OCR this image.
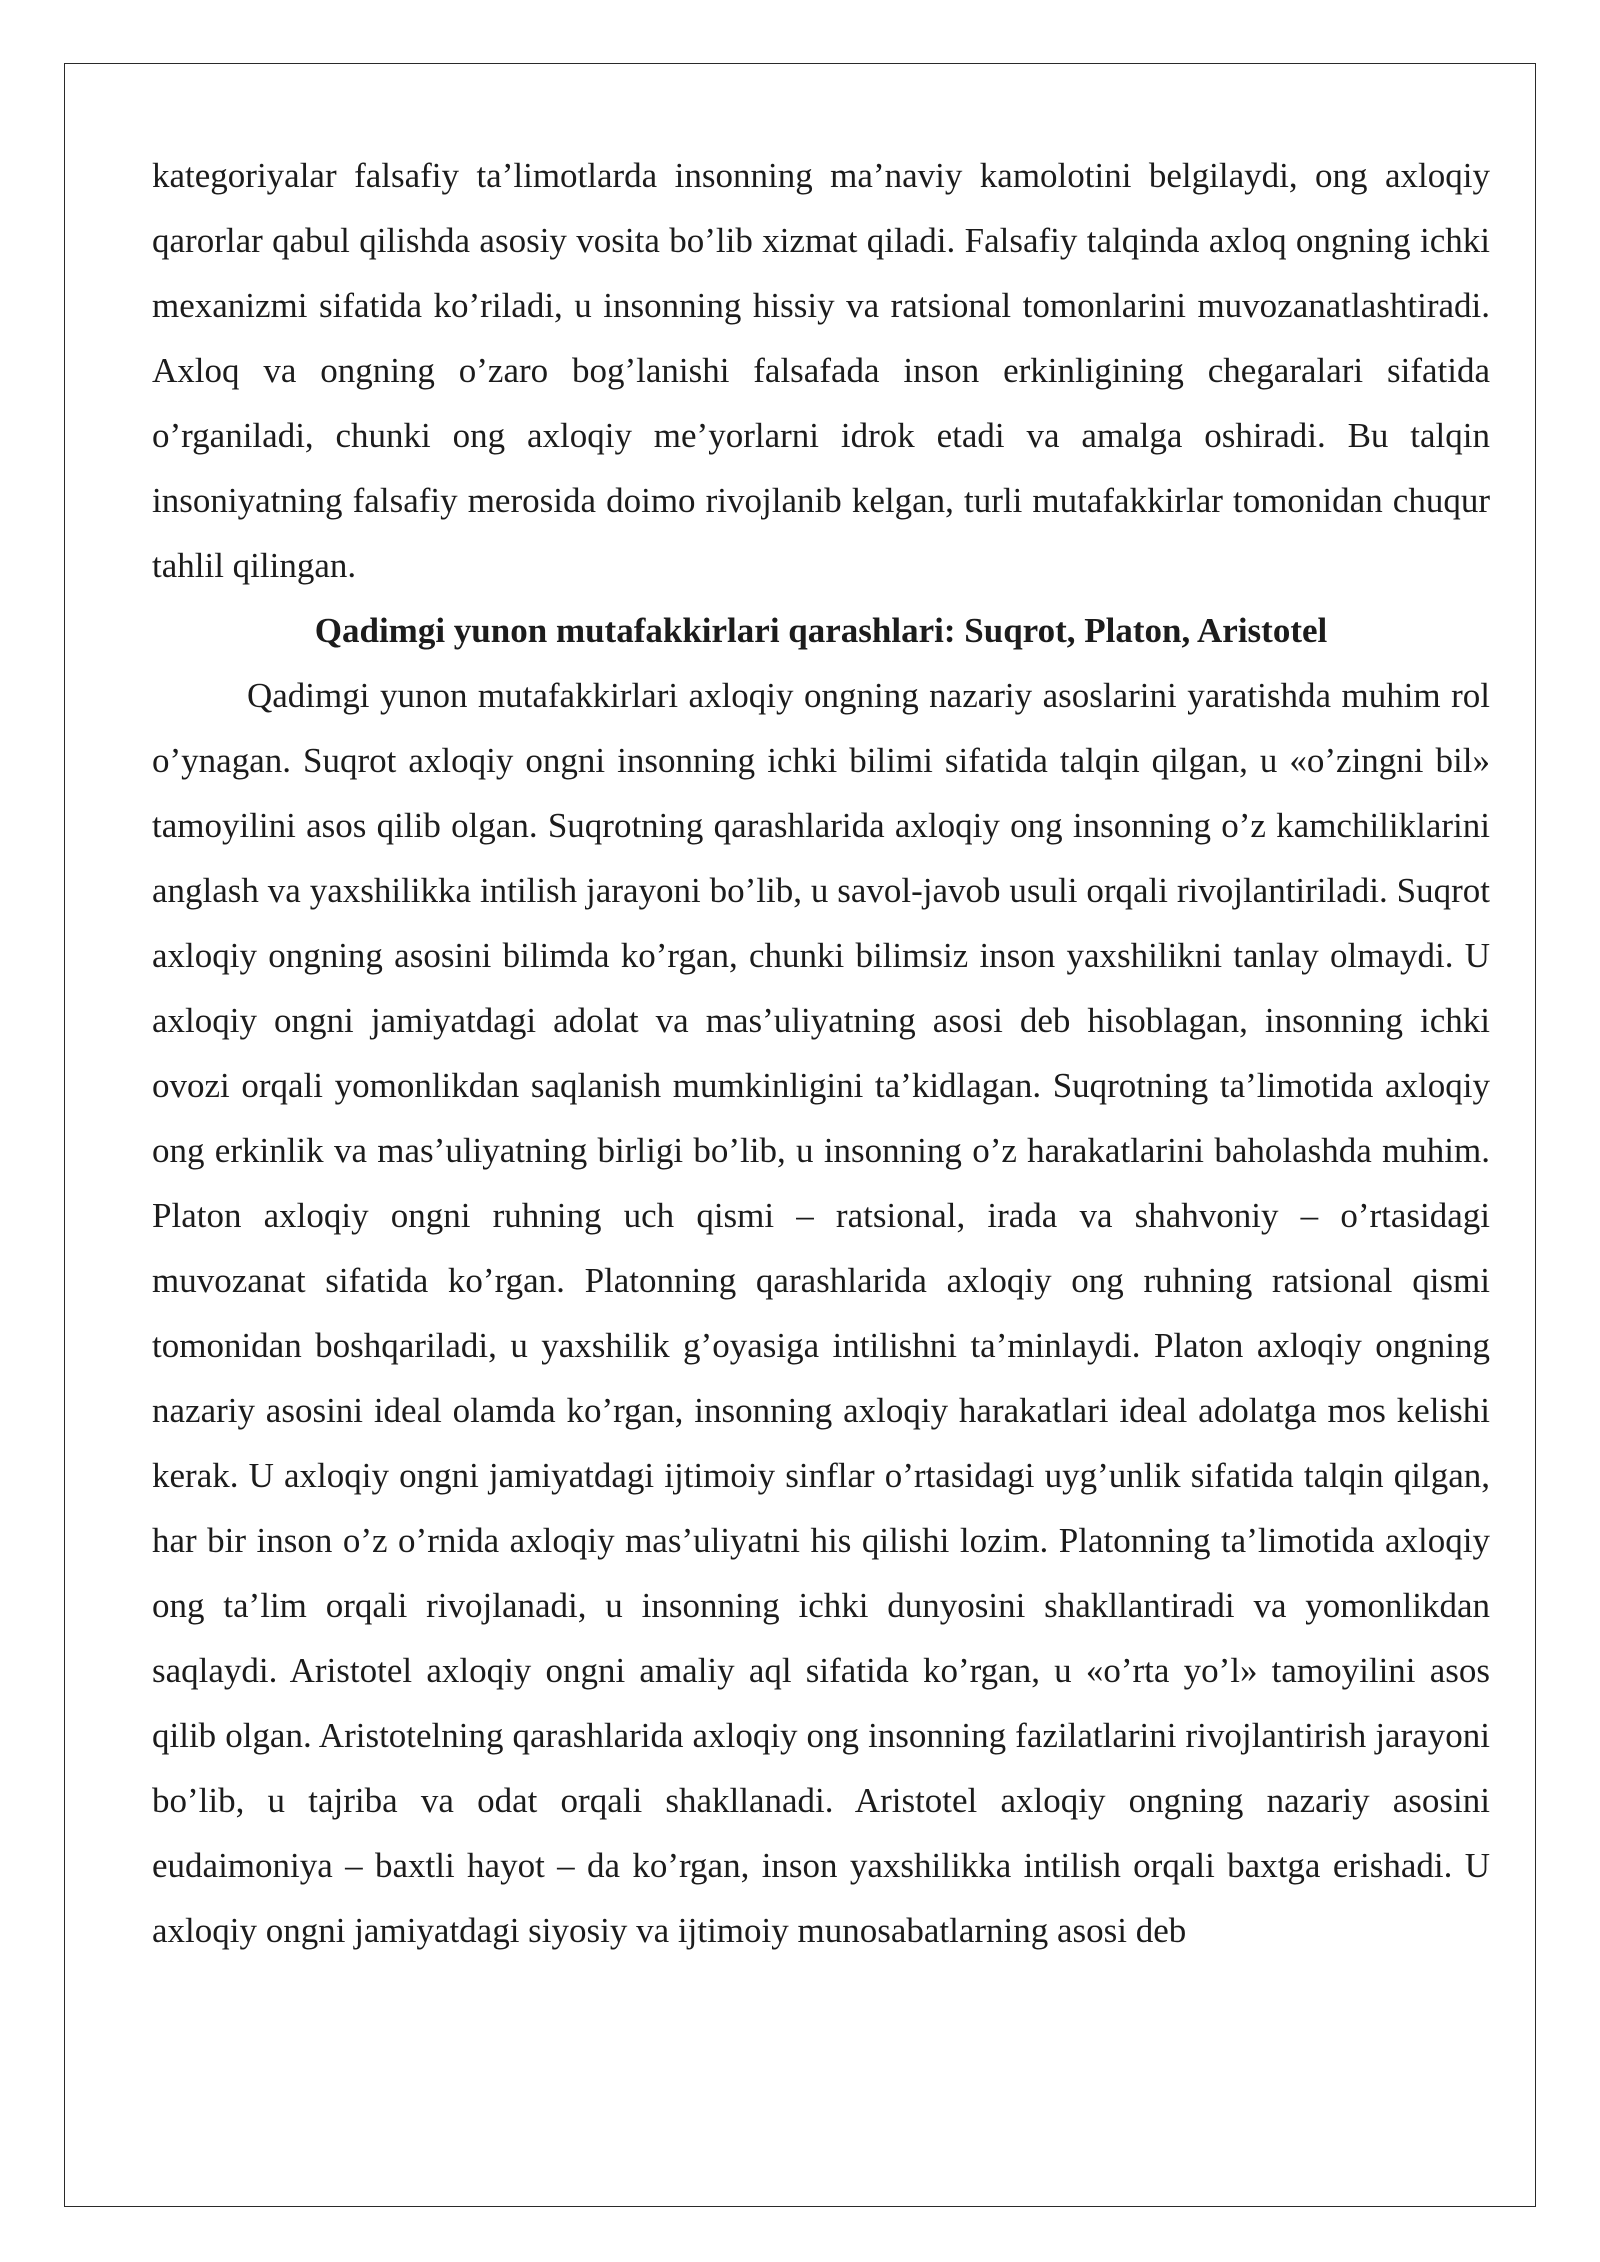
kategoriyalar falsafiy ta’limotlarda insonning ma’naviy kamolotini belgilaydi, ong axloqiy qarorlar qabul qilishda asosiy vosita bo’lib xizmat qiladi. Falsafiy talqinda axloq ongning ichki mexanizmi sifatida ko’riladi, u insonning hissiy va ratsional tomonlarini muvozanatlashtiradi. Axloq va ongning o’zaro bog’lanishi falsafada inson erkinligining chegaralari sifatida o’rganiladi, chunki ong axloqiy me’yorlarni idrok etadi va amalga oshiradi. Bu talqin insoniyatning falsafiy merosida doimo rivojlanib kelgan, turli mutafakkirlar tomonidan chuqur tahlil qilingan.

Qadimgi yunon mutafakkirlari qarashlari: Suqrot, Platon, Aristotel

Qadimgi yunon mutafakkirlari axloqiy ongning nazariy asoslarini yaratishda muhim rol o’ynagan. Suqrot axloqiy ongni insonning ichki bilimi sifatida talqin qilgan, u «o’zingni bil» tamoyilini asos qilib olgan. Suqrotning qarashlarida axloqiy ong insonning o’z kamchiliklarini anglash va yaxshilikka intilish jarayoni bo’lib, u savol-javob usuli orqali rivojlantiriladi. Suqrot axloqiy ongning asosini bilimda ko’rgan, chunki bilimsiz inson yaxshilikni tanlay olmaydi. U axloqiy ongni jamiyatdagi adolat va mas’uliyatning asosi deb hisoblagan, insonning ichki ovozi orqali yomonlikdan saqlanish mumkinligini ta’kidlagan. Suqrotning ta’limotida axloqiy ong erkinlik va mas’uliyatning birligi bo’lib, u insonning o’z harakatlarini baholashda muhim. Platon axloqiy ongni ruhning uch qismi – ratsional, irada va shahvoniy – o’rtasidagi muvozanat sifatida ko’rgan. Platonning qarashlarida axloqiy ong ruhning ratsional qismi tomonidan boshqariladi, u yaxshilik g’oyasiga intilishni ta’minlaydi. Platon axloqiy ongning nazariy asosini ideal olamda ko’rgan, insonning axloqiy harakatlari ideal adolatga mos kelishi kerak. U axloqiy ongni jamiyatdagi ijtimoiy sinflar o’rtasidagi uyg’unlik sifatida talqin qilgan, har bir inson o’z o’rnida axloqiy mas’uliyatni his qilishi lozim. Platonning ta’limotida axloqiy ong ta’lim orqali rivojlanadi, u insonning ichki dunyosini shakllantiradi va yomonlikdan saqlaydi. Aristotel axloqiy ongni amaliy aql sifatida ko’rgan, u «o’rta yo’l» tamoyilini asos qilib olgan. Aristotelning qarashlarida axloqiy ong insonning fazilatlarini rivojlantirish jarayoni bo’lib, u tajriba va odat orqali shakllanadi. Aristotel axloqiy ongning nazariy asosini eudaimoniya – baxtli hayot – da ko’rgan, inson yaxshilikka intilish orqali baxtga erishadi. U axloqiy ongni jamiyatdagi siyosiy va ijtimoiy munosabatlarning asosi deb
